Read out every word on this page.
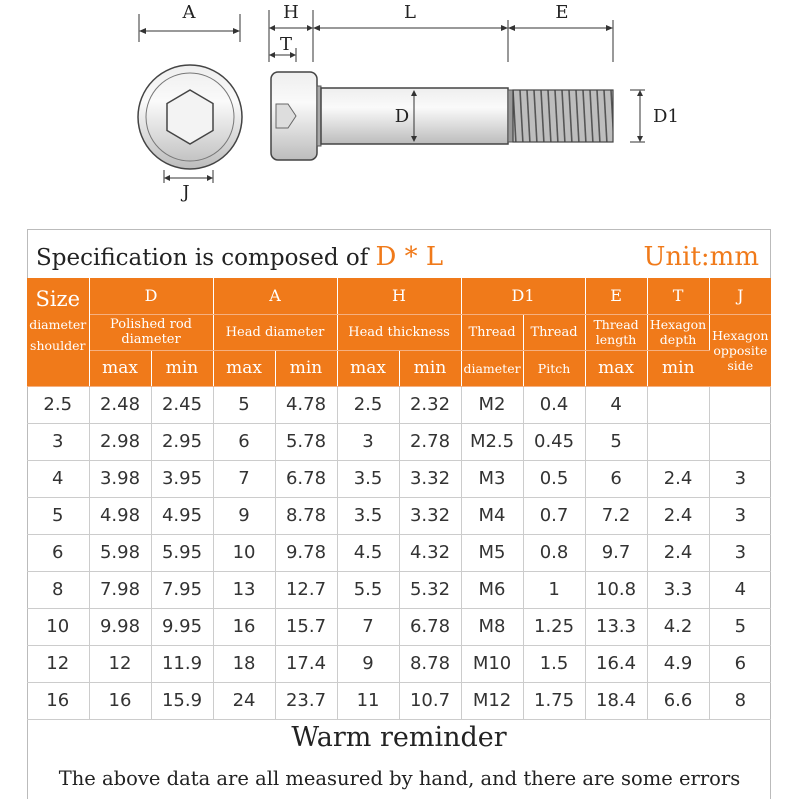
A
J
H
T
L	E
D	D1
Specification is composed of D * L	Unit:mm
Size
diameter shoulder	D		A		H		D1		E	T	J
	Polished rod diameter		Head diameter		Head thickness		Thread	Thread	Thread length	Hexagon depth	Hexagon opposite side
	max	min	max	min	max	min	diameter	Pitch	max	min	
2.5	2.48	2.45	5	4.78	2.5	2.32	M2	0.4	4		
3	2.98	2.95	6	5.78	3	2.78	M2.5	0.45	5		
4	3.98	3.95	7	6.78	3.5	3.32	M3	0.5	6	2.4	3
5	4.98	4.95	9	8.78	3.5	3.32	M4	0.7	7.2	2.4	3
6	5.98	5.95	10	9.78	4.5	4.32	M5	0.8	9.7	2.4	3
8	7.98	7.95	13	12.7	5.5	5.32	M6	1	10.8	3.3	4
10	9.98	9.95	16	15.7	7	6.78	M8	1.25	13.3	4.2	5
12	12	11.9	18	17.4	9	8.78	M10	1.5	16.4	4.9	6
16	16	15.9	24	23.7	11	10.7	M12	1.75	18.4	6.6	8
Warm reminder
The above data are all measured by hand, and there are some errors
